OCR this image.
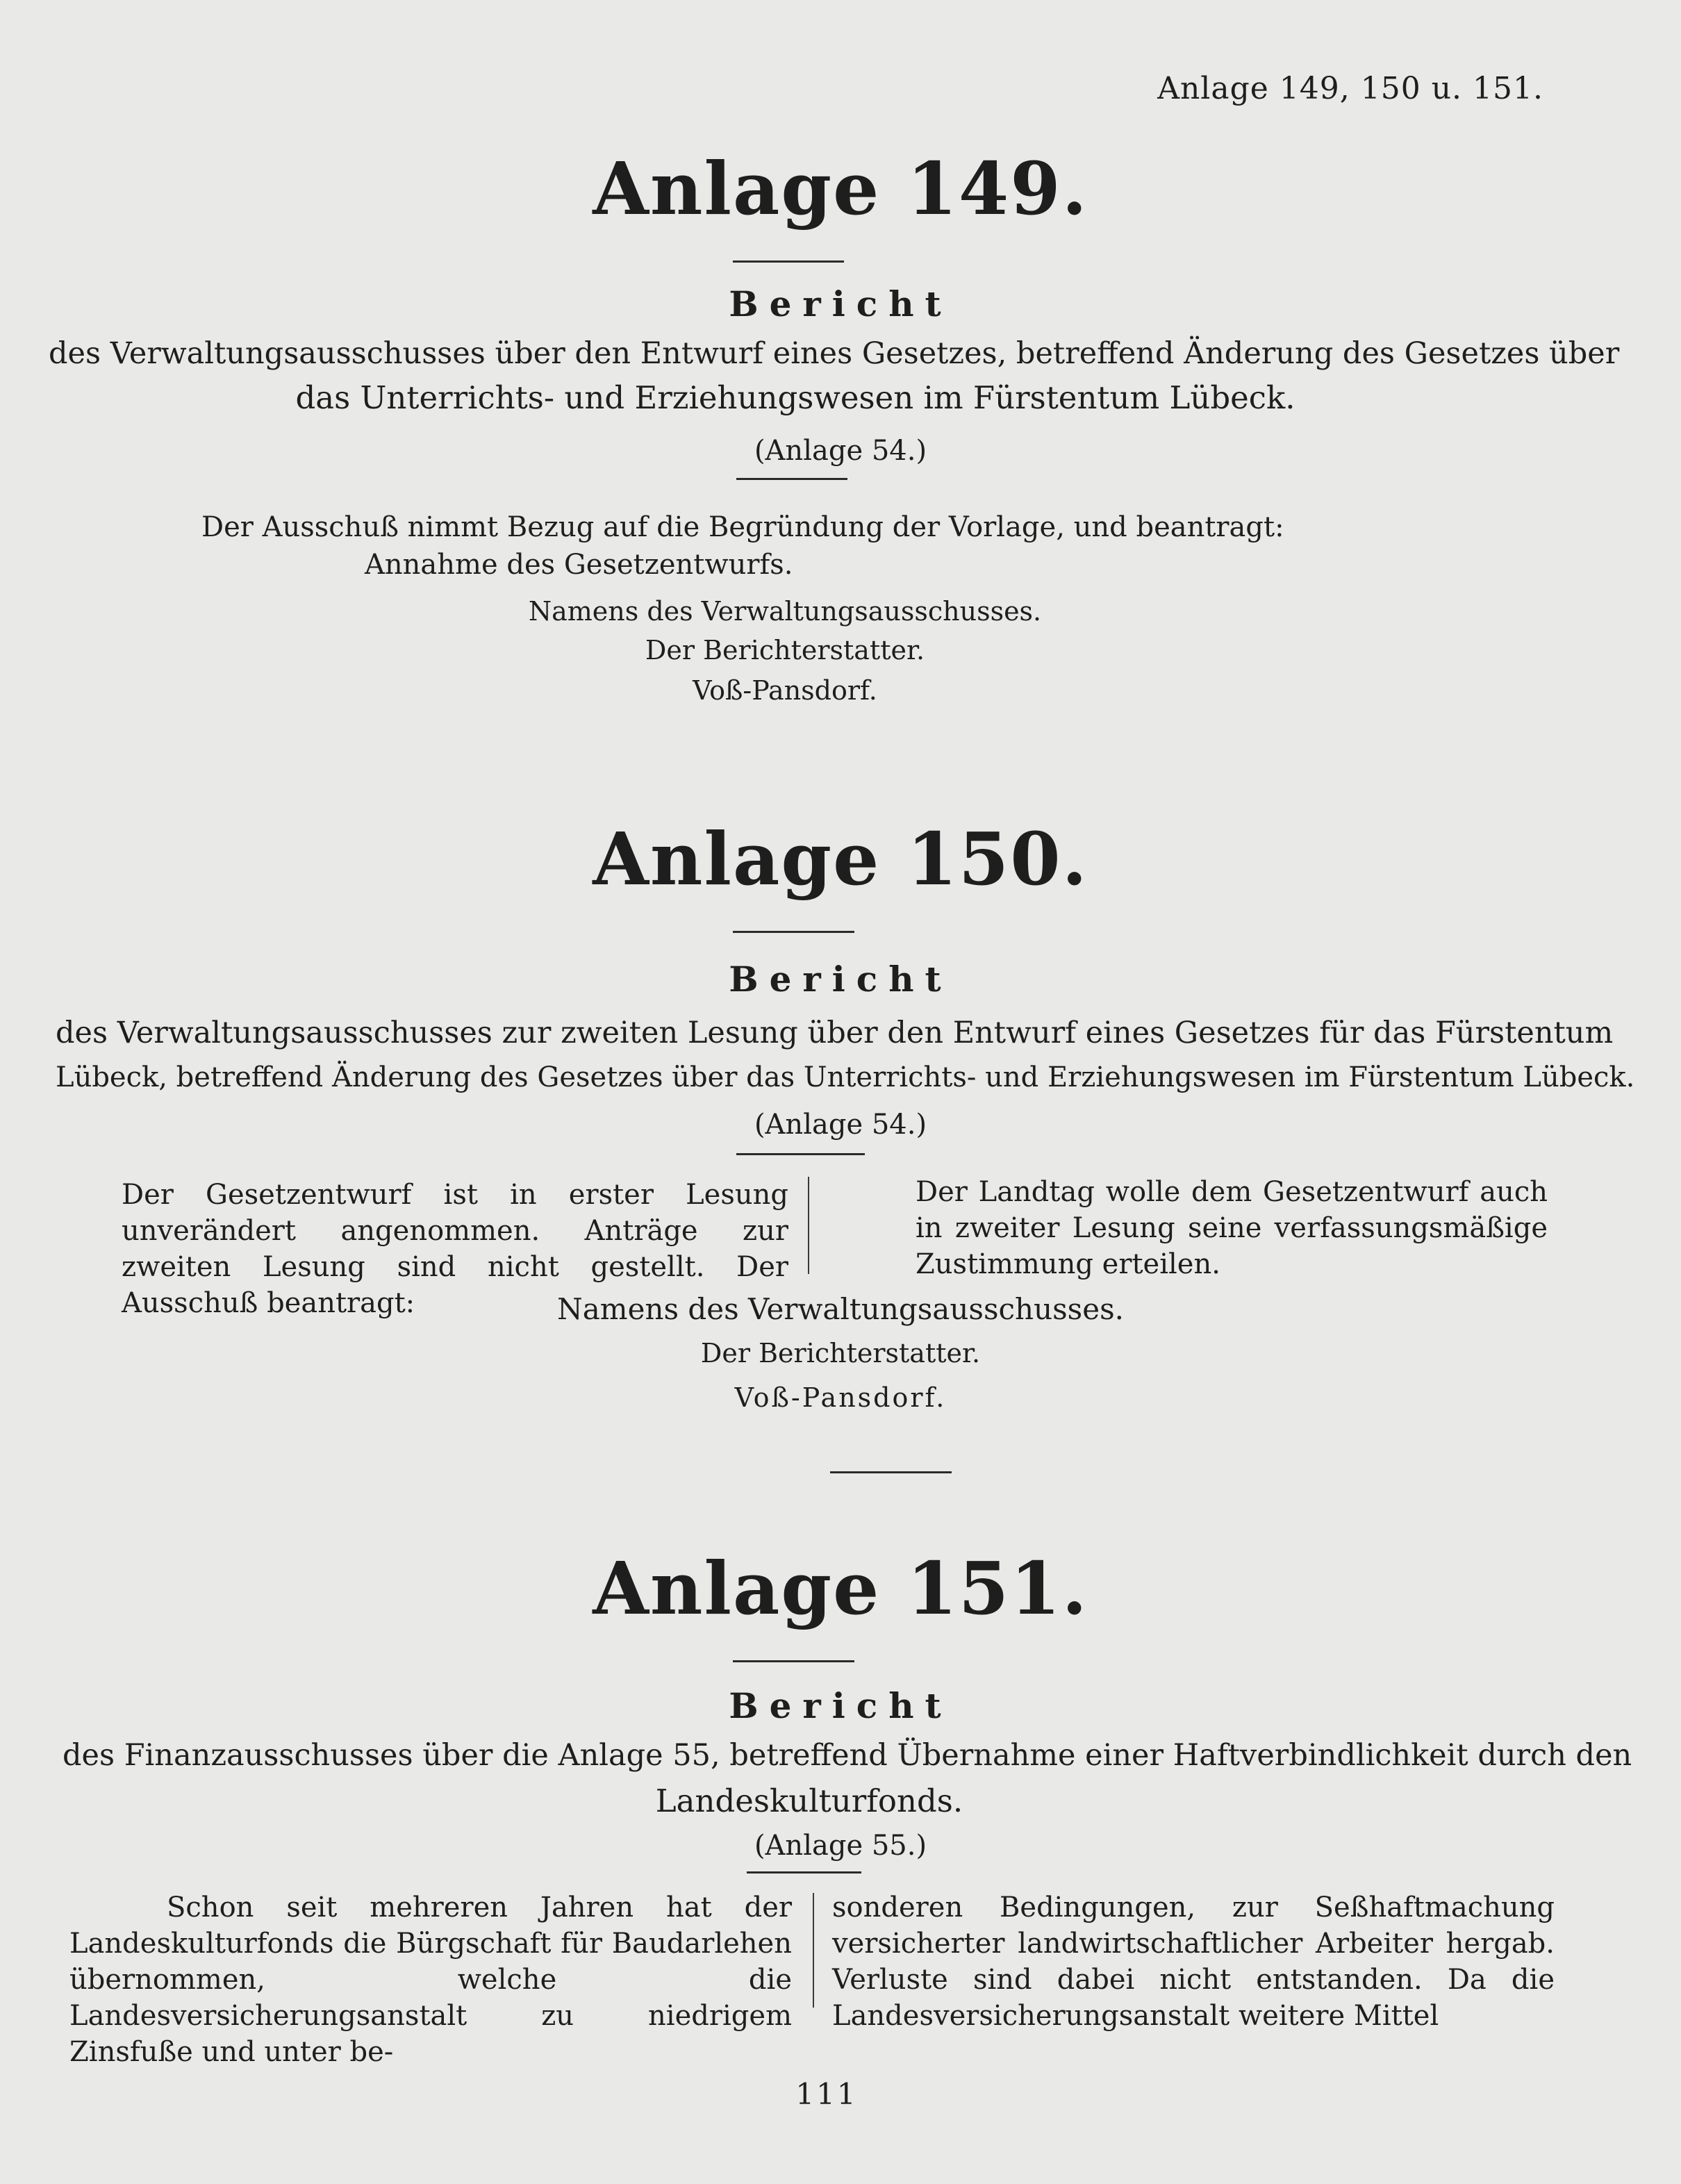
Anlage 149, 150 u. 151.
Anlage 149.
Bericht
des Verwaltungsausschusses über den Entwurf eines Gesetzes, betreffend Änderung des Gesetzes über
das Unterrichts- und Erziehungswesen im Fürstentum Lübeck.
(Anlage 54.)
Der Ausschuß nimmt Bezug auf die Begründung der Vorlage, und beantragt:
Annahme des Gesetzentwurfs.
Namens des Verwaltungsausschusses.
Der Berichterstatter.
Voß-Pansdorf.
Anlage 150.
Bericht
des Verwaltungsausschusses zur zweiten Lesung über den Entwurf eines Gesetzes für das Fürstentum
Lübeck, betreffend Änderung des Gesetzes über das Unterrichts- und Erziehungswesen im Fürstentum Lübeck.
(Anlage 54.)
Der Gesetzentwurf ist in erster Lesung unverändert angenommen. Anträge zur zweiten Lesung sind nicht gestellt. Der Ausschuß beantragt:
Der Landtag wolle dem Gesetzentwurf auch in zweiter Lesung seine verfassungsmäßige Zustimmung erteilen.
Namens des Verwaltungsausschusses.
Der Berichterstatter.
Voß-Pansdorf.
Anlage 151.
Bericht
des Finanzausschusses über die Anlage 55, betreffend Übernahme einer Haftverbindlichkeit durch den
Landeskulturfonds.
(Anlage 55.)
Schon seit mehreren Jahren hat der Landeskulturfonds die Bürgschaft für Baudarlehen übernommen, welche die Landesversicherungsanstalt zu niedrigem Zinsfuße und unter be-
sonderen Bedingungen, zur Seßhaftmachung versicherter landwirtschaftlicher Arbeiter hergab. Verluste sind dabei nicht entstanden. Da die Landesversicherungsanstalt weitere Mittel
111
